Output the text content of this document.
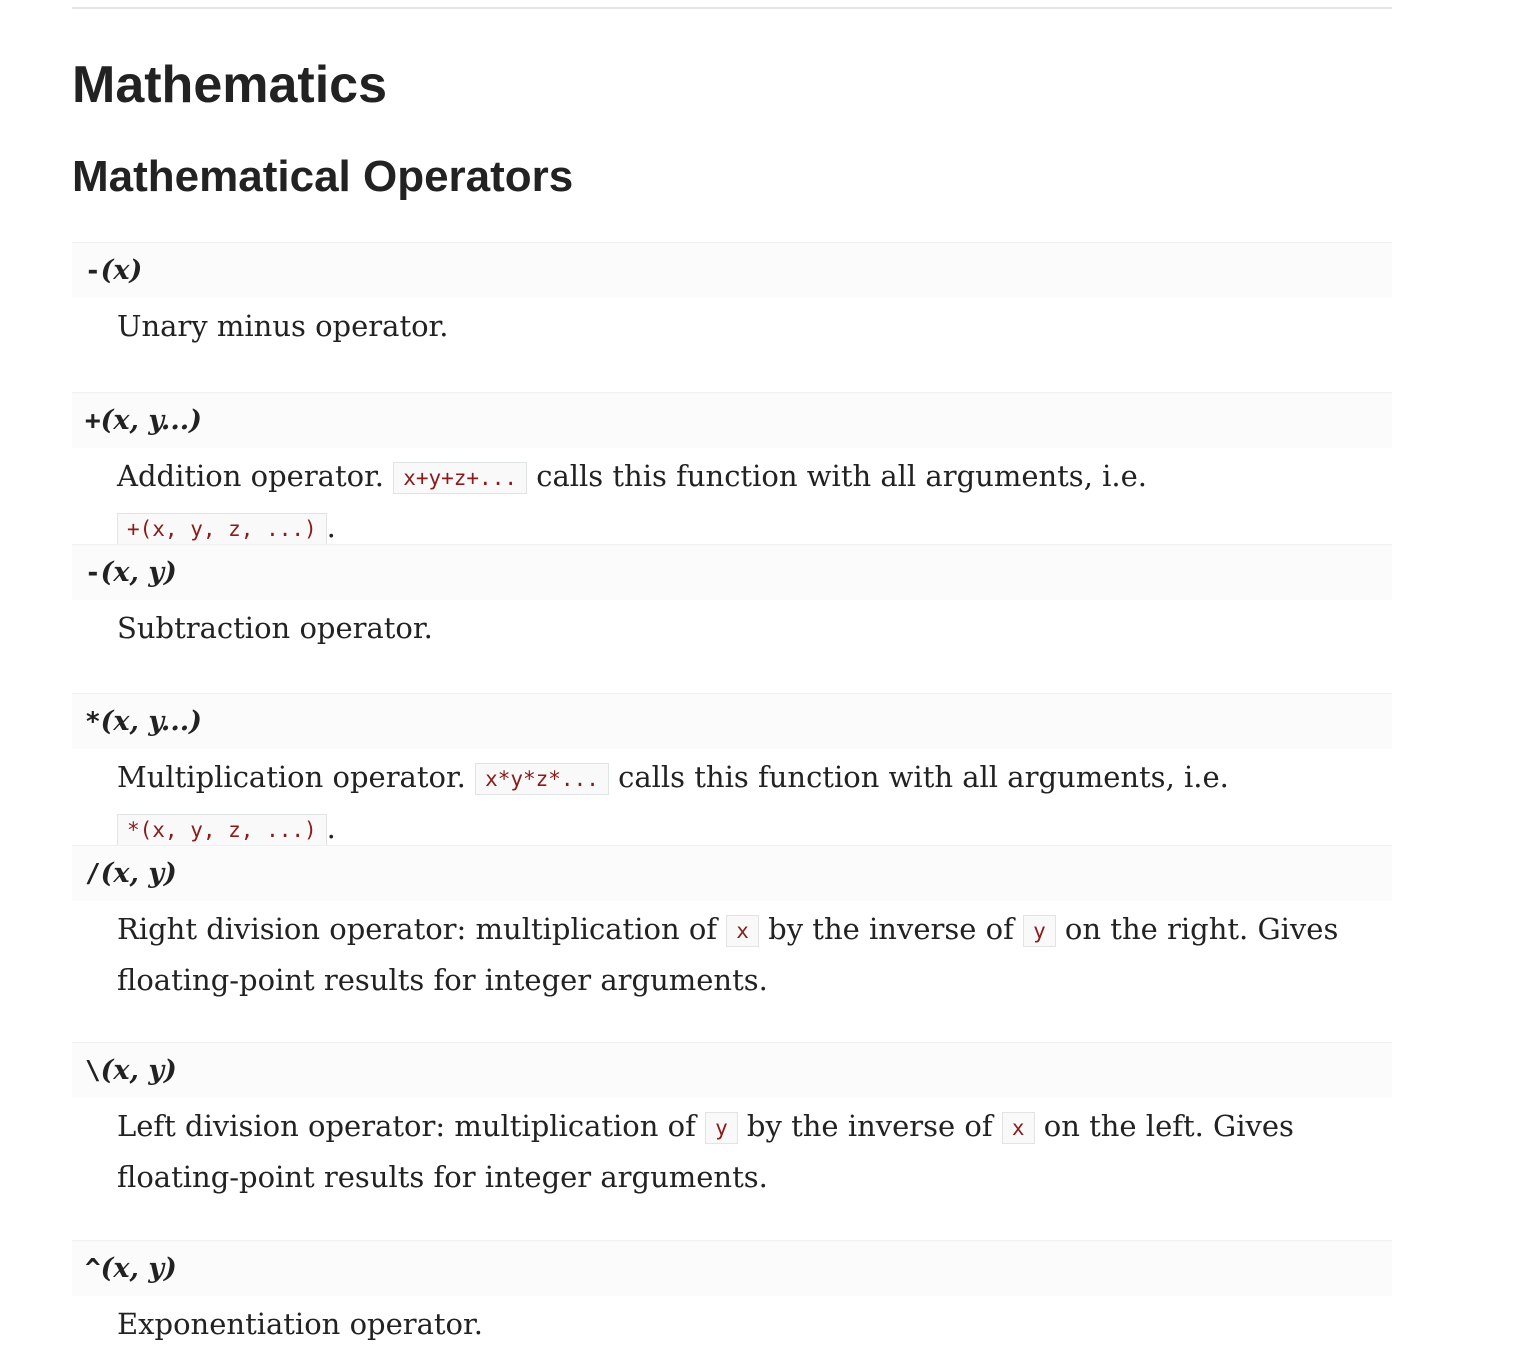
Mathematics
Mathematical Operators
- (x)

Unary minus operator.

+ (x, y...)

Addition operator. x+y+z+... calls this function with all arguments, i.e. +(x, y, z, ...) .

- (x, y)

Subtraction operator.

* (x, y...)

Multiplication operator. x*y*z*... calls this function with all arguments, i.e. *(x, y, z, ...) .

/ (x, y)

Right division operator: multiplication of x by the inverse of y on the right. Gives floating-point results for integer arguments.

\ (x, y)

Left division operator: multiplication of y by the inverse of x on the left. Gives floating-point results for integer arguments.

^ (x, y)

Exponentiation operator.
